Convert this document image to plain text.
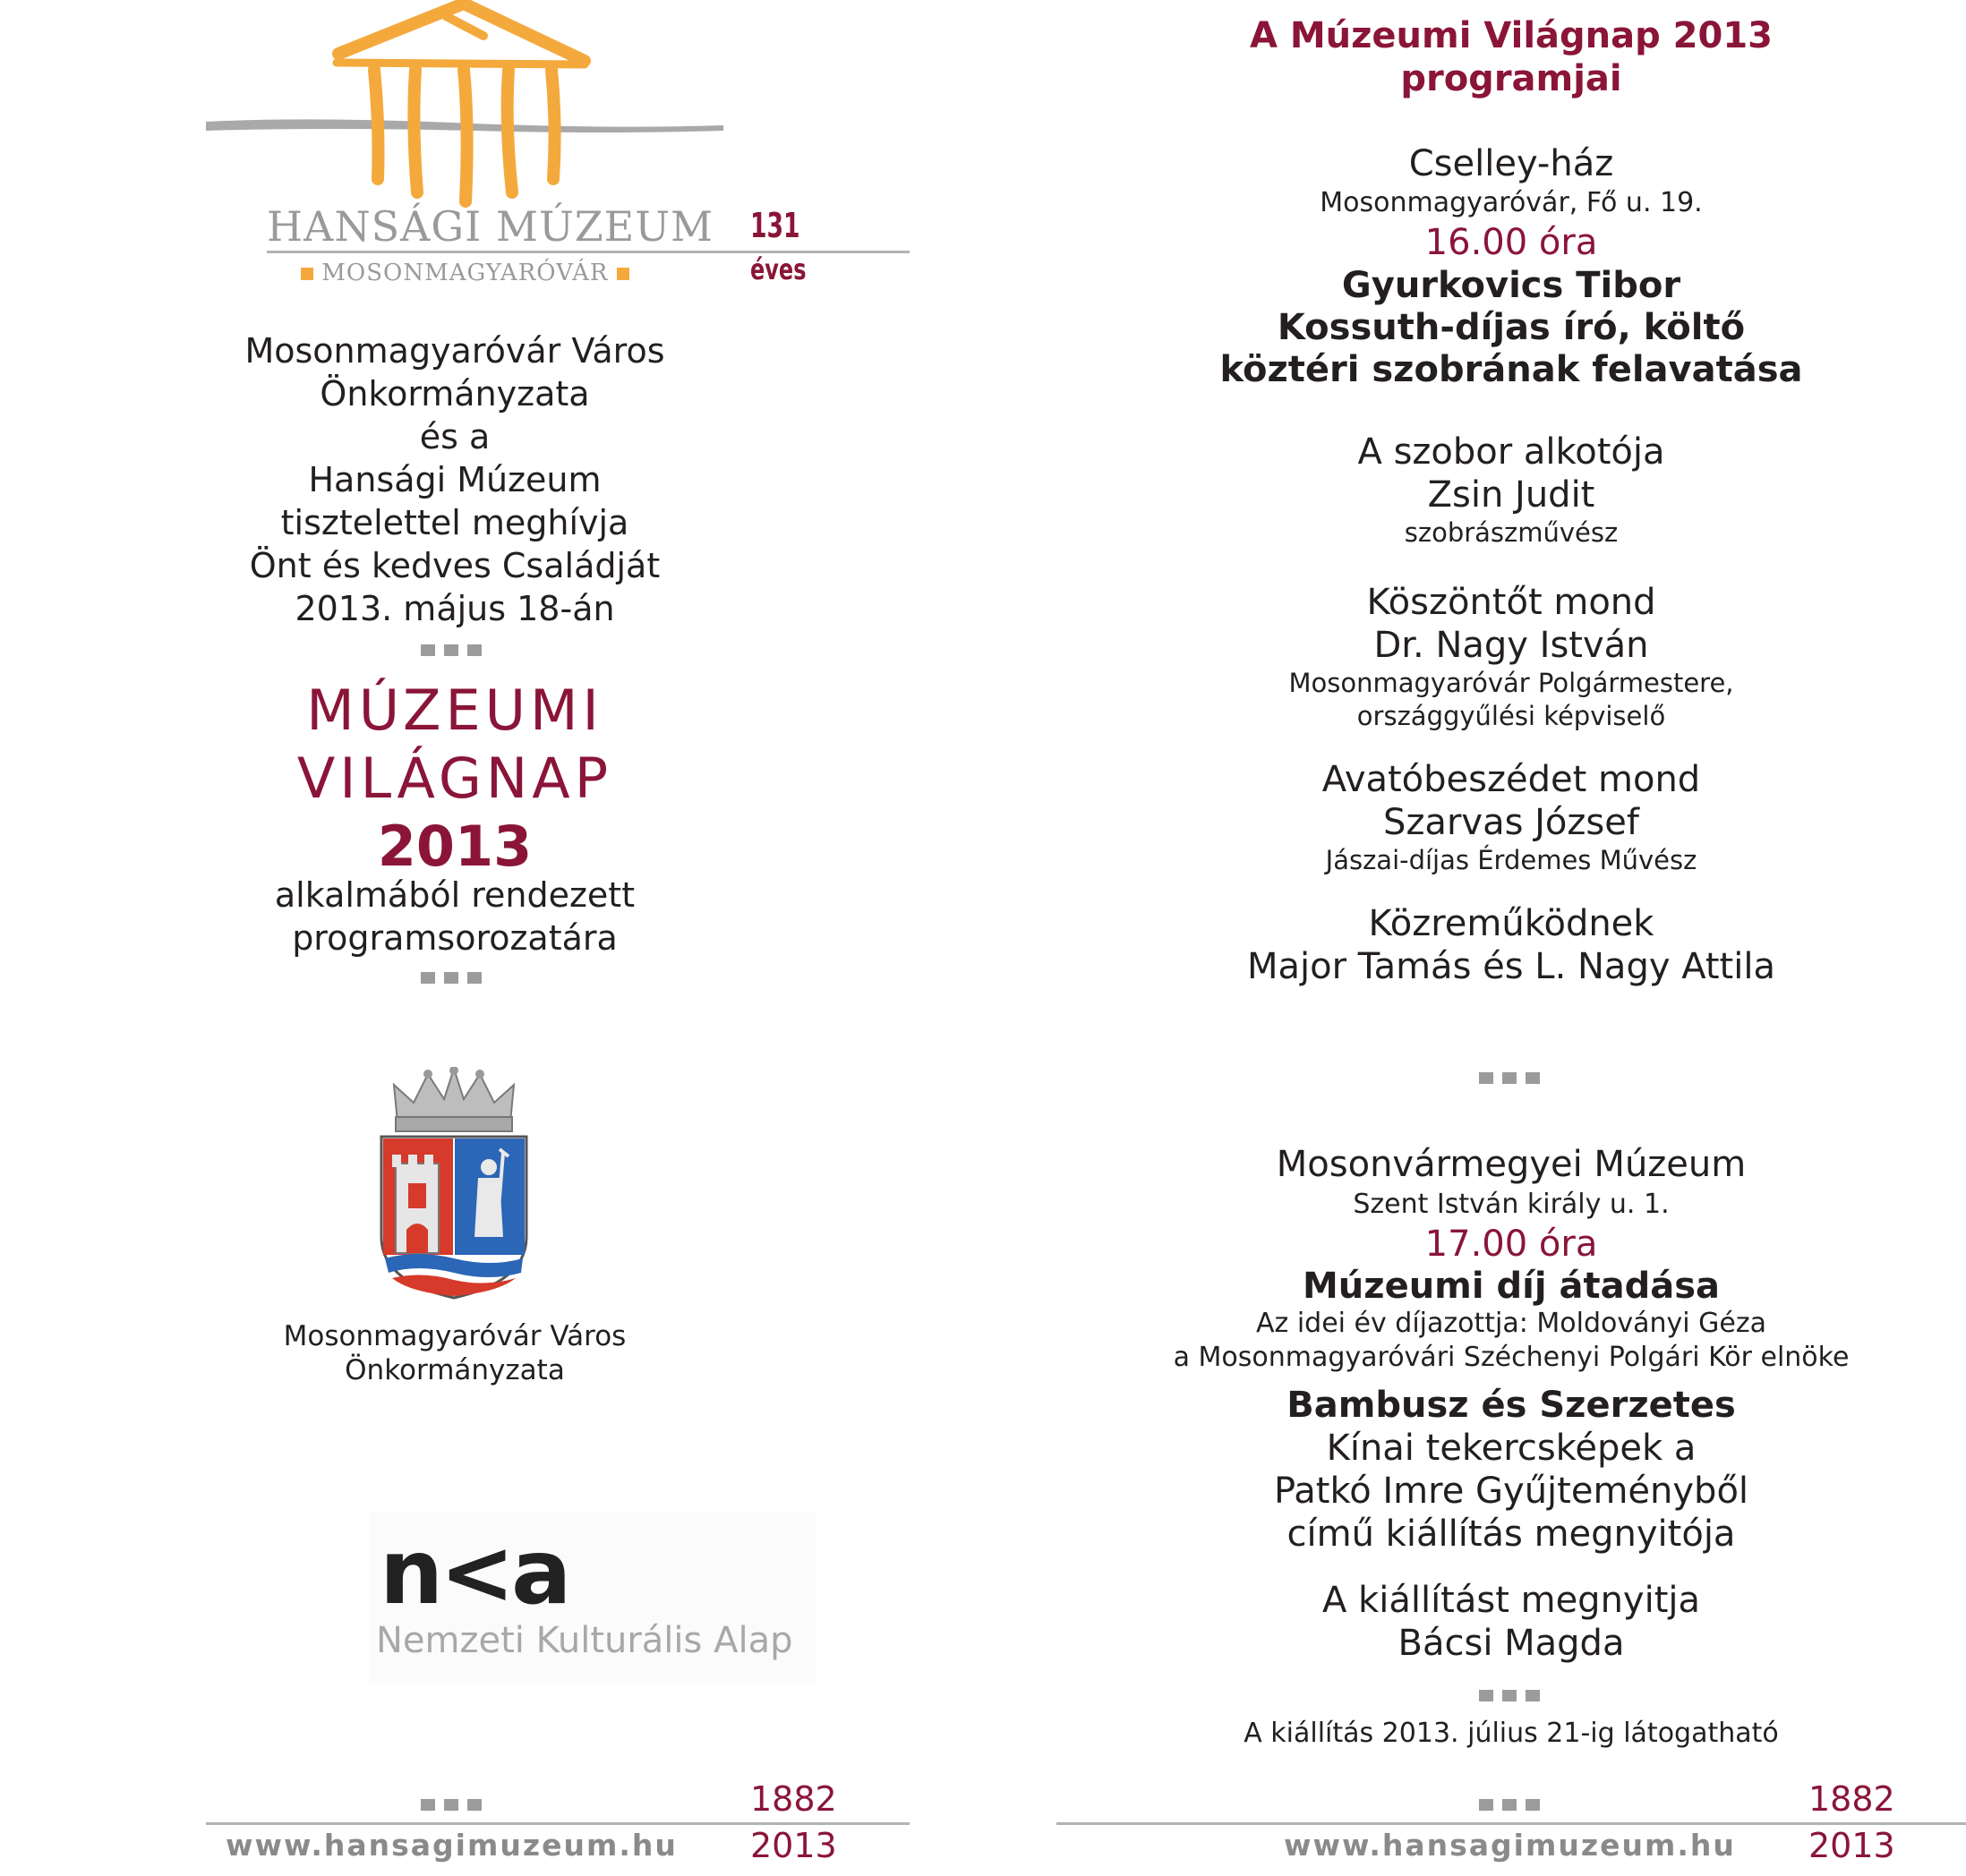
HANSÁGI MÚZEUM
MOSONMAGYARÓVÁR
131
éves
Mosonmagyaróvár Város
Önkormányzata
és a
Hansági Múzeum
tisztelettel meghívja
Önt és kedves Családját
2013. május 18-án
MÚZEUMI
VILÁGNAP
2013
alkalmából rendezett
programsorozatára
Mosonmagyaróvár Város
Önkormányzata
n<a
Nemzeti Kulturális Alap
1882
www.hansagimuzeum.hu 2013
A Múzeumi Világnap 2013
programjai
Cselley-ház
Mosonmagyaróvár, Fő u. 19.
16.00 óra
Gyurkovics Tibor
Kossuth-díjas író, költő
köztéri szobrának felavatása
A szobor alkotója
Zsin Judit
szobrászművész
Köszöntőt mond
Dr. Nagy István
Mosonmagyaróvár Polgármestere,
országgyűlési képviselő
Avatóbeszédet mond
Szarvas József
Jászai-díjas Érdemes Művész
Közreműködnek
Major Tamás és L. Nagy Attila
Mosonvármegyei Múzeum
Szent István király u. 1.
17.00 óra
Múzeumi díj átadása
Az idei év díjazottja: Moldoványi Géza
a Mosonmagyaróvári Széchenyi Polgári Kör elnöke
Bambusz és Szerzetes
Kínai tekercsképek a
Patkó Imre Gyűjteményből
című kiállítás megnyitója
A kiállítást megnyitja
Bácsi Magda
A kiállítás 2013. július 21-ig látogatható
1882
www.hansagimuzeum.hu 2013
